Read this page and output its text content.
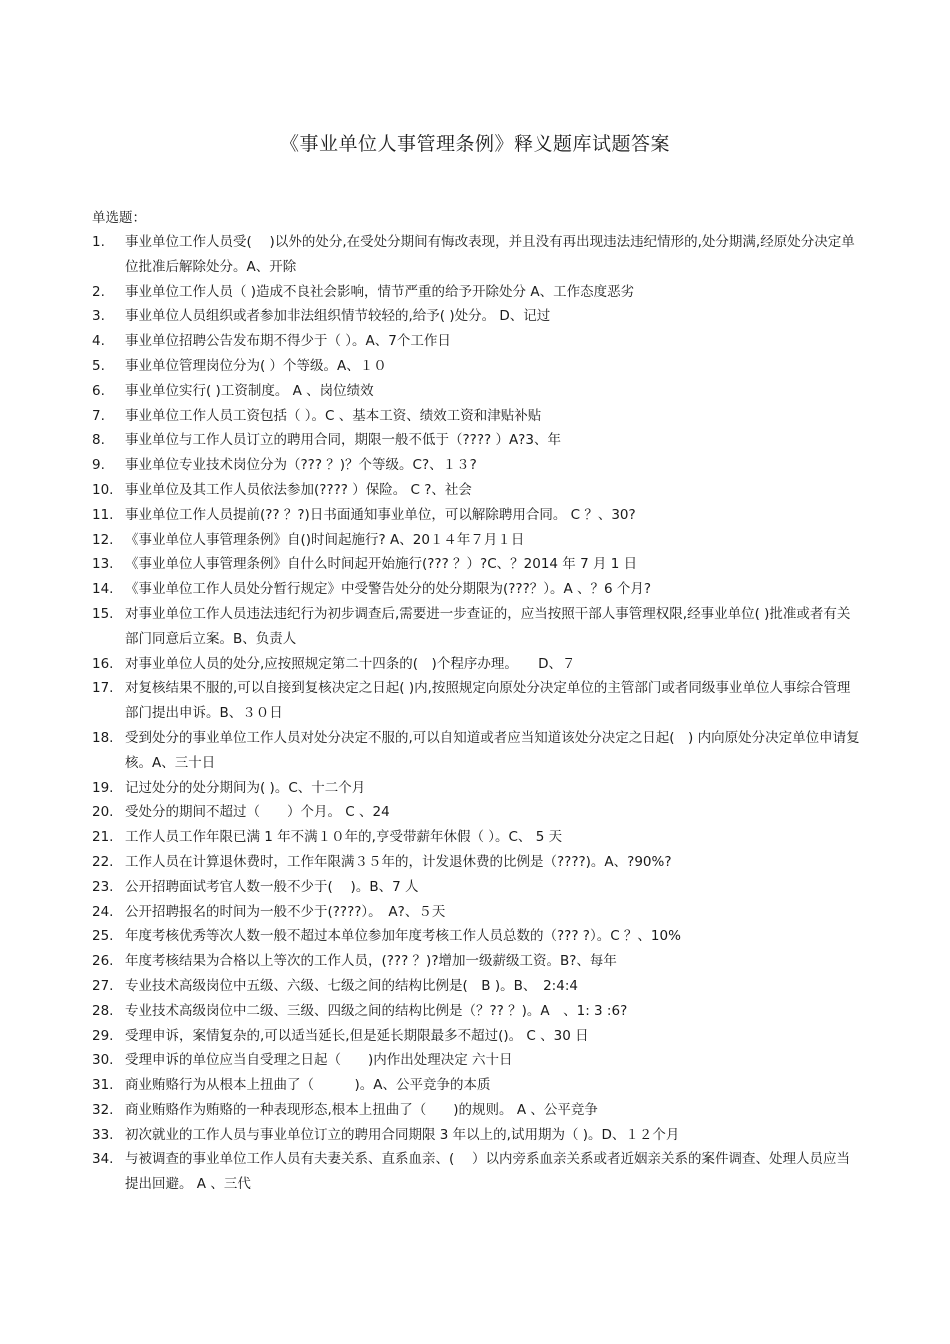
《事业单位人事管理条例》释义题库试题答案
单选题：
1.	事业单位工作人员受(　 )以外的处分,在受处分期间有悔改表现，并且没有再出现违法违纪情形的,处分期满,经原处分决定单位批准后解除处分。A、开除
2.	事业单位工作人员（ )造成不良社会影响，情节严重的给予开除处分 A、工作态度恶劣
3.	事业单位人员组织或者参加非法组织情节较轻的,给予( )处分。 D、记过
4.	事业单位招聘公告发布期不得少于（ ）。A、7个工作日
5.	事业单位管理岗位分为( ）个等级。A、１０
6.	事业单位实行( )工资制度。 A 、岗位绩效
7.	事业单位工作人员工资包括（ ）。C 、基本工资、绩效工资和津贴补贴
8.	事业单位与工作人员订立的聘用合同，期限一般不低于（???? ）A?3、年
9.	事业单位专业技术岗位分为（??? ？)？个等级。C?、１３?
10. 事业单位及其工作人员依法参加(???? ）保险。 C ?、社会
11. 事业单位工作人员提前(?? ？?)日书面通知事业单位，可以解除聘用合同。 C ？、30?
12. 《事业单位人事管理条例》自()时间起施行? A、20１４年７月１日
13. 《事业单位人事管理条例》自什么时间起开始施行(??? ？）?C、？2014 年 7 月 1 日
14. 《事业单位工作人员处分暂行规定》中受警告处分的处分期限为(???？）。A 、？6 个月?
15. 对事业单位工作人员违法违纪行为初步调查后,需要进一步查证的，应当按照干部人事管理权限,经事业单位( )批准或者有关部门同意后立案。B、负责人
16. 对事业单位人员的处分,应按照规定第二十四条的(　)个程序办理。　　D、７
17. 对复核结果不服的,可以自接到复核决定之日起( )内,按照规定向原处分决定单位的主管部门或者同级事业单位人事综合管理部门提出申诉。B、３０日
18. 受到处分的事业单位工作人员对处分决定不服的,可以自知道或者应当知道该处分决定之日起(　) 内向原处分决定单位申请复核。A、三十日
19. 记过处分的处分期间为( )。C、十二个月
20. 受处分的期间不超过（　　）个月。 C 、24
21. 工作人员工作年限已满 1 年不满１０年的,亨受带薪年休假（ ）。C、 5 天
22. 工作人员在计算退休费时，工作年限满３５年的，计发退休费的比例是（????)。A、?90%?
23. 公开招聘面试考官人数一般不少于(　 )。B、7 人
24. 公开招聘报名的时间为一般不少于(????）。　A?、５天
25. 年度考核优秀等次人数一般不超过本单位参加年度考核工作人员总数的（??? ?）。C ？、10%
26. 年度考核结果为合格以上等次的工作人员，(??? ？)?增加一级薪级工资。B?、每年
27. 专业技术高级岗位中五级、六级、七级之间的结构比例是(　B )。B、　2:4:4
28. 专业技术高级岗位中二级、三级、四级之间的结构比例是（？?? ？)。A　、1: 3 :6?
29. 受理申诉，案情复杂的,可以适当延长,但是延长期限最多不超过()。 C 、30 日
30. 受理申诉的单位应当自受理之日起（　　)内作出处理决定 六十日
31. 商业贿赂行为从根本上扭曲了（　　　)。A、公平竞争的本质
32. 商业贿赂作为贿赂的一种表现形态,根本上扭曲了（　　)的规则。 A 、公平竞争
33. 初次就业的工作人员与事业单位订立的聘用合同期限 3 年以上的,试用期为（ )。D、１２个月
34. 与被调查的事业单位工作人员有夫妻关系、直系血亲、(　 ）以内旁系血亲关系或者近姻亲关系的案件调查、处理人员应当提出回避。 A 、三代
